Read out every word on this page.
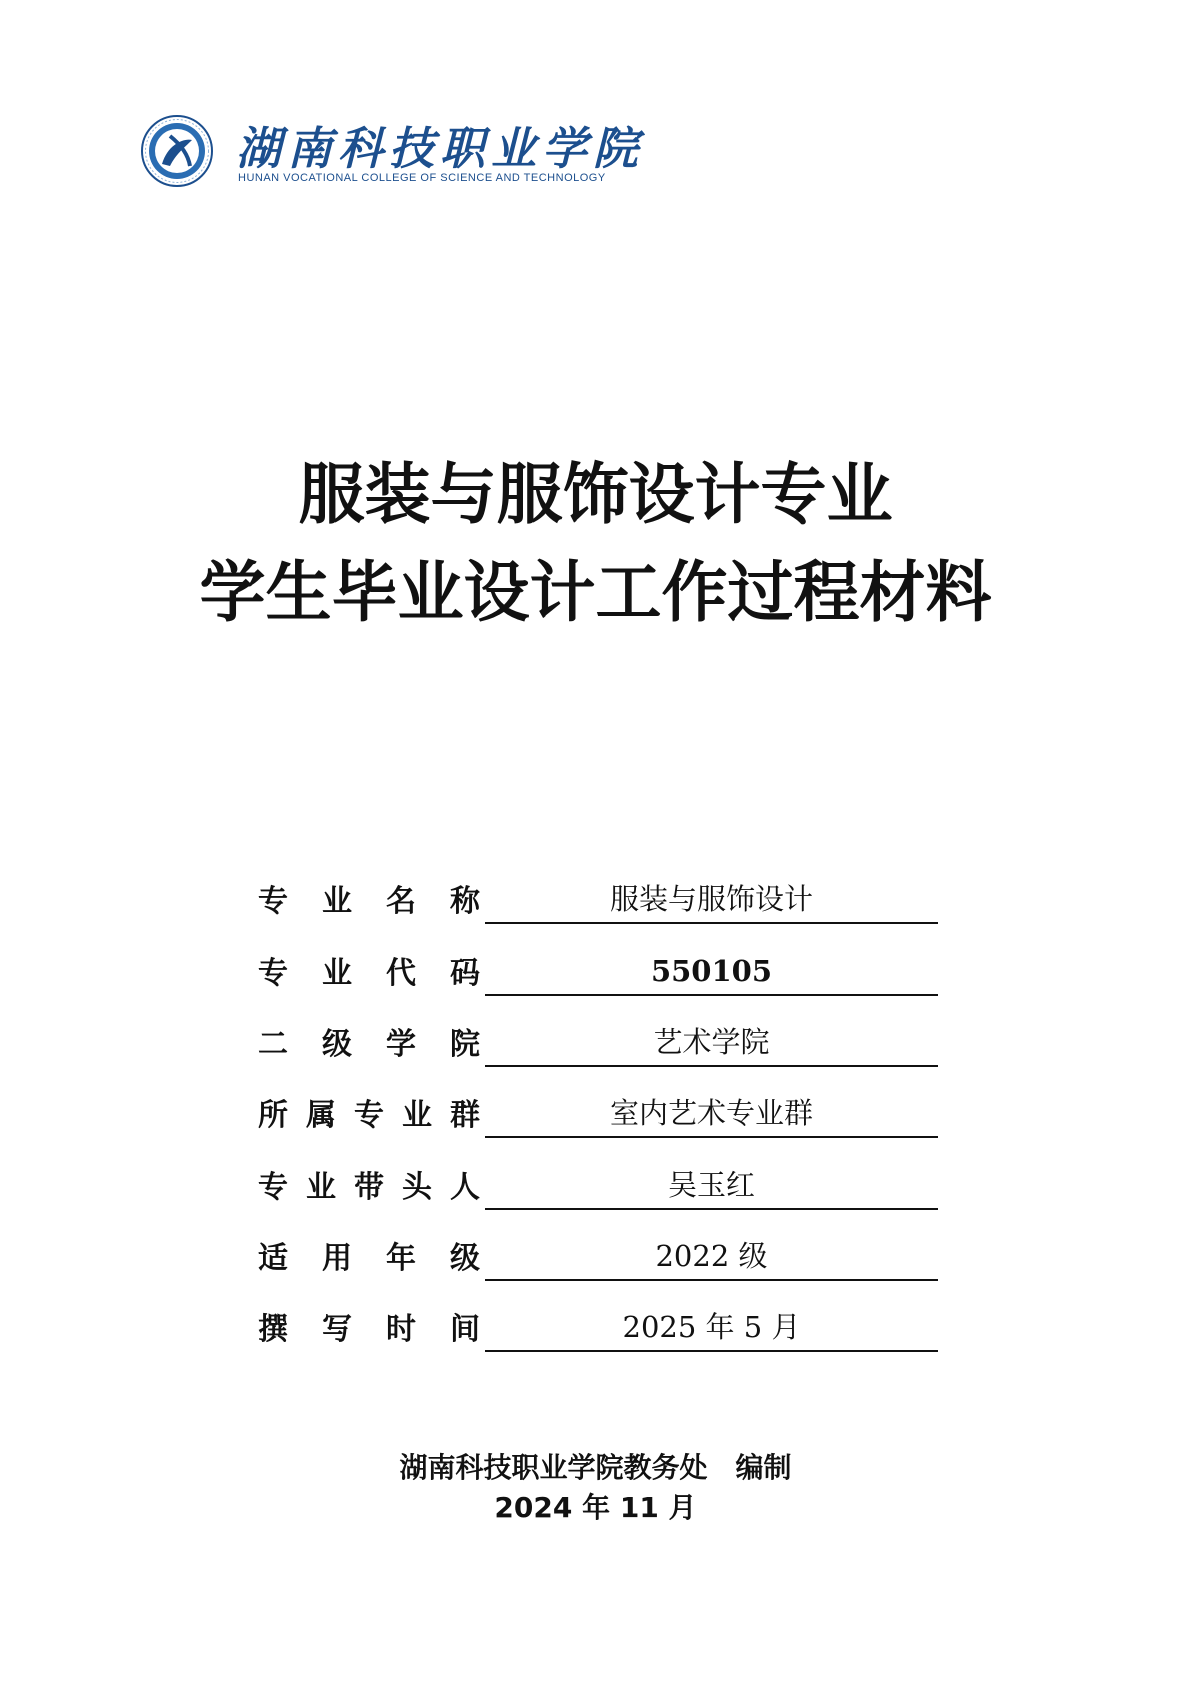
湖南科技职业学院
HUNAN VOCATIONAL COLLEGE OF SCIENCE AND TECHNOLOGY
服装与服饰设计专业
学生毕业设计工作过程材料
专 业 名 称	服装与服饰设计
专 业 代 码	550105
二 级 学 院	艺术学院
所 属 专 业 群	室内艺术专业群
专 业 带 头 人	吴玉红
适 用 年 级	2022 级
撰 写 时 间	2025 年 5 月
湖南科技职业学院教务处　编制
2024 年 11 月
